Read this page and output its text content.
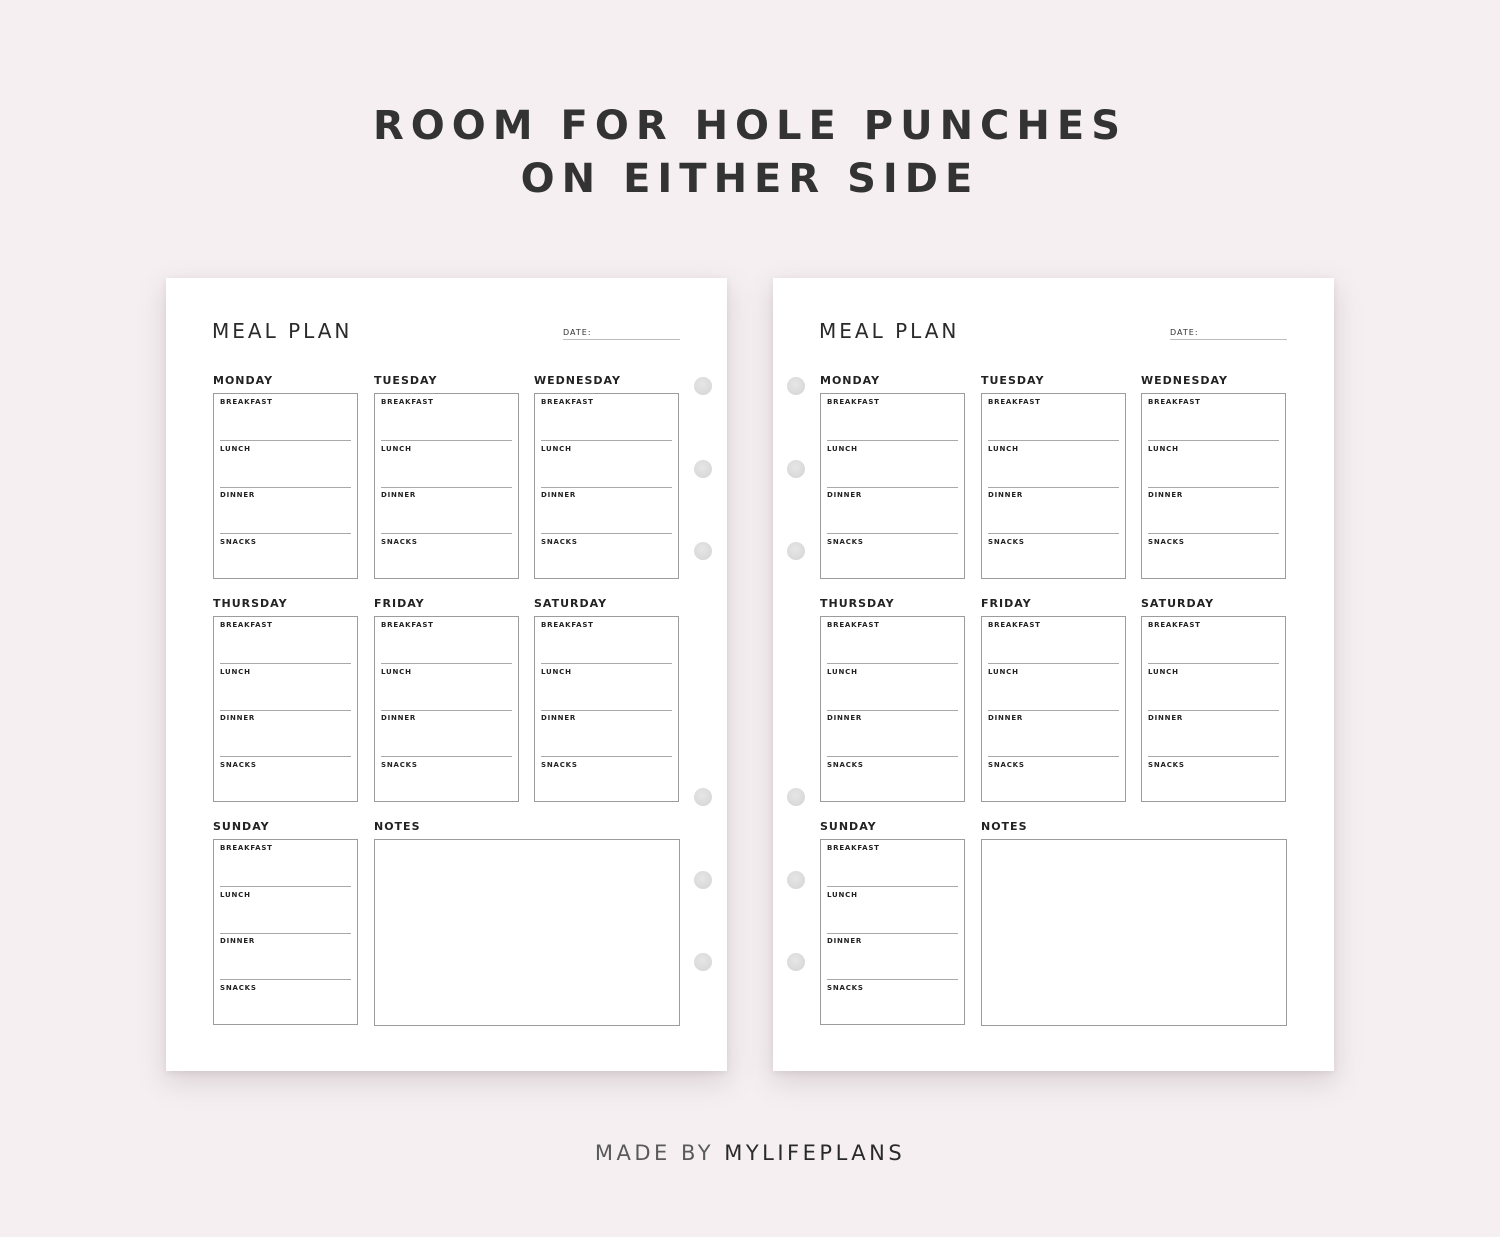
ROOM FOR HOLE PUNCHES
ON EITHER SIDE
MEAL PLAN	DATE:
MONDAY
BREAKFAST
LUNCH
DINNER
SNACKS
TUESDAY
BREAKFAST
LUNCH
DINNER
SNACKS
WEDNESDAY
BREAKFAST
LUNCH
DINNER
SNACKS
THURSDAY
BREAKFAST
LUNCH
DINNER
SNACKS
FRIDAY
BREAKFAST
LUNCH
DINNER
SNACKS
SATURDAY
BREAKFAST
LUNCH
DINNER
SNACKS
SUNDAY
BREAKFAST
LUNCH
DINNER
SNACKS
NOTES
MEAL PLAN	DATE:
MONDAY
BREAKFAST
LUNCH
DINNER
SNACKS
TUESDAY
BREAKFAST
LUNCH
DINNER
SNACKS
WEDNESDAY
BREAKFAST
LUNCH
DINNER
SNACKS
THURSDAY
BREAKFAST
LUNCH
DINNER
SNACKS
FRIDAY
BREAKFAST
LUNCH
DINNER
SNACKS
SATURDAY
BREAKFAST
LUNCH
DINNER
SNACKS
SUNDAY
BREAKFAST
LUNCH
DINNER
SNACKS
NOTES
MADE BY MYLIFEPLANS
